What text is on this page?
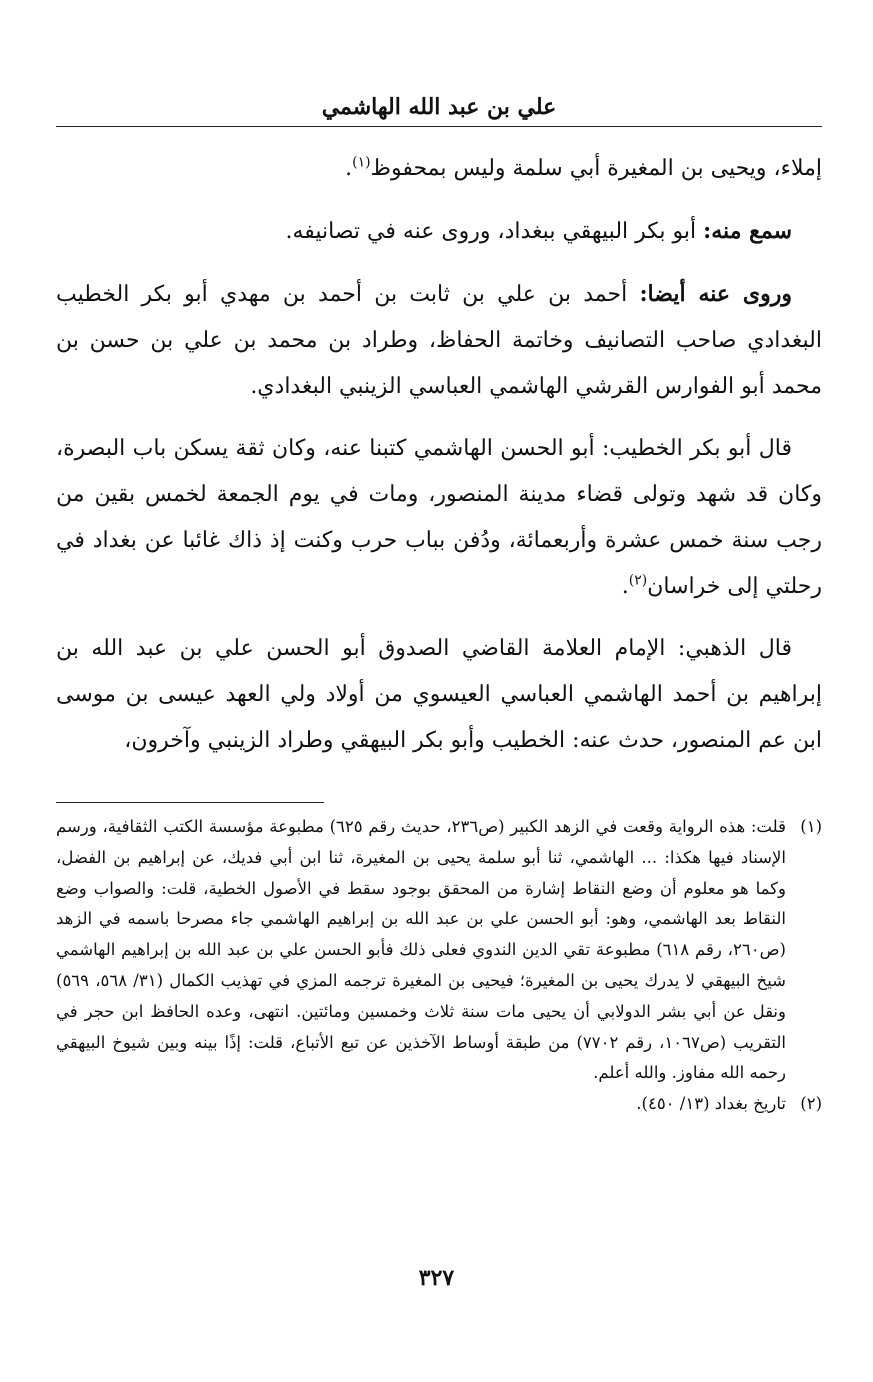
علي بن عبد الله الهاشمي

إملاء، ويحيى بن المغيرة أبي سلمة وليس بمحفوظ$^{(١)}$.

سمع منه: أبو بكر البيهقي ببغداد، وروى عنه في تصانيفه.

وروى عنه أيضا: أحمد بن علي بن ثابت بن أحمد بن مهدي أبو بكر الخطيب البغدادي صاحب التصانيف وخاتمة الحفاظ، وطراد بن محمد بن علي بن حسن بن محمد أبو الفوارس القرشي الهاشمي العباسي الزينبي البغدادي.

قال أبو بكر الخطيب: أبو الحسن الهاشمي كتبنا عنه، وكان ثقة يسكن باب البصرة، وكان قد شهد وتولى قضاء مدينة المنصور، ومات في يوم الجمعة لخمس بقين من رجب سنة خمس عشرة وأربعمائة، ودُفن بباب حرب وكنت إذ ذاك غائبا عن بغداد في رحلتي إلى خراسان$^{(٢)}$.

قال الذهبي: الإمام العلامة القاضي الصدوق أبو الحسن علي بن عبد الله بن إبراهيم بن أحمد الهاشمي العباسي العيسوي من أولاد ولي العهد عيسى بن موسى ابن عم المنصور، حدث عنه: الخطيب وأبو بكر البيهقي وطراد الزينبي وآخرون،

(١)
قلت: هذه الرواية وقعت في الزهد الكبير (ص٢٣٦، حديث رقم ٦٢٥) مطبوعة مؤسسة الكتب الثقافية، ورسم الإسناد فيها هكذا: ... الهاشمي، ثنا أبو سلمة يحيى بن المغيرة، ثنا ابن أبي فديك، عن إبراهيم بن الفضل، وكما هو معلوم أن وضع النقاط إشارة من المحقق بوجود سقط في الأصول الخطية، قلت: والصواب وضع النقاط بعد الهاشمي، وهو: أبو الحسن علي بن عبد الله بن إبراهيم الهاشمي جاء مصرحا باسمه في الزهد (ص٢٦٠، رقم ٦١٨) مطبوعة تقي الدين الندوي فعلى ذلك فأبو الحسن علي بن عبد الله بن إبراهيم الهاشمي شيخ البيهقي لا يدرك يحيى بن المغيرة؛ فيحيى بن المغيرة ترجمه المزي في تهذيب الكمال (٣١/ ٥٦٨، ٥٦٩) ونقل عن أبي بشر الدولابي أن يحيى مات سنة ثلاث وخمسين ومائتين. انتهى، وعده الحافظ ابن حجر في التقريب (ص١٠٦٧، رقم ٧٧٠٢) من طبقة أوساط الآخذين عن تبع الأتباع، قلت: إذًا بينه وبين شيوخ البيهقي رحمه الله مفاوز. والله أعلم.
(٢)
تاريخ بغداد (١٣/ ٤٥٠).
٣٢٧
